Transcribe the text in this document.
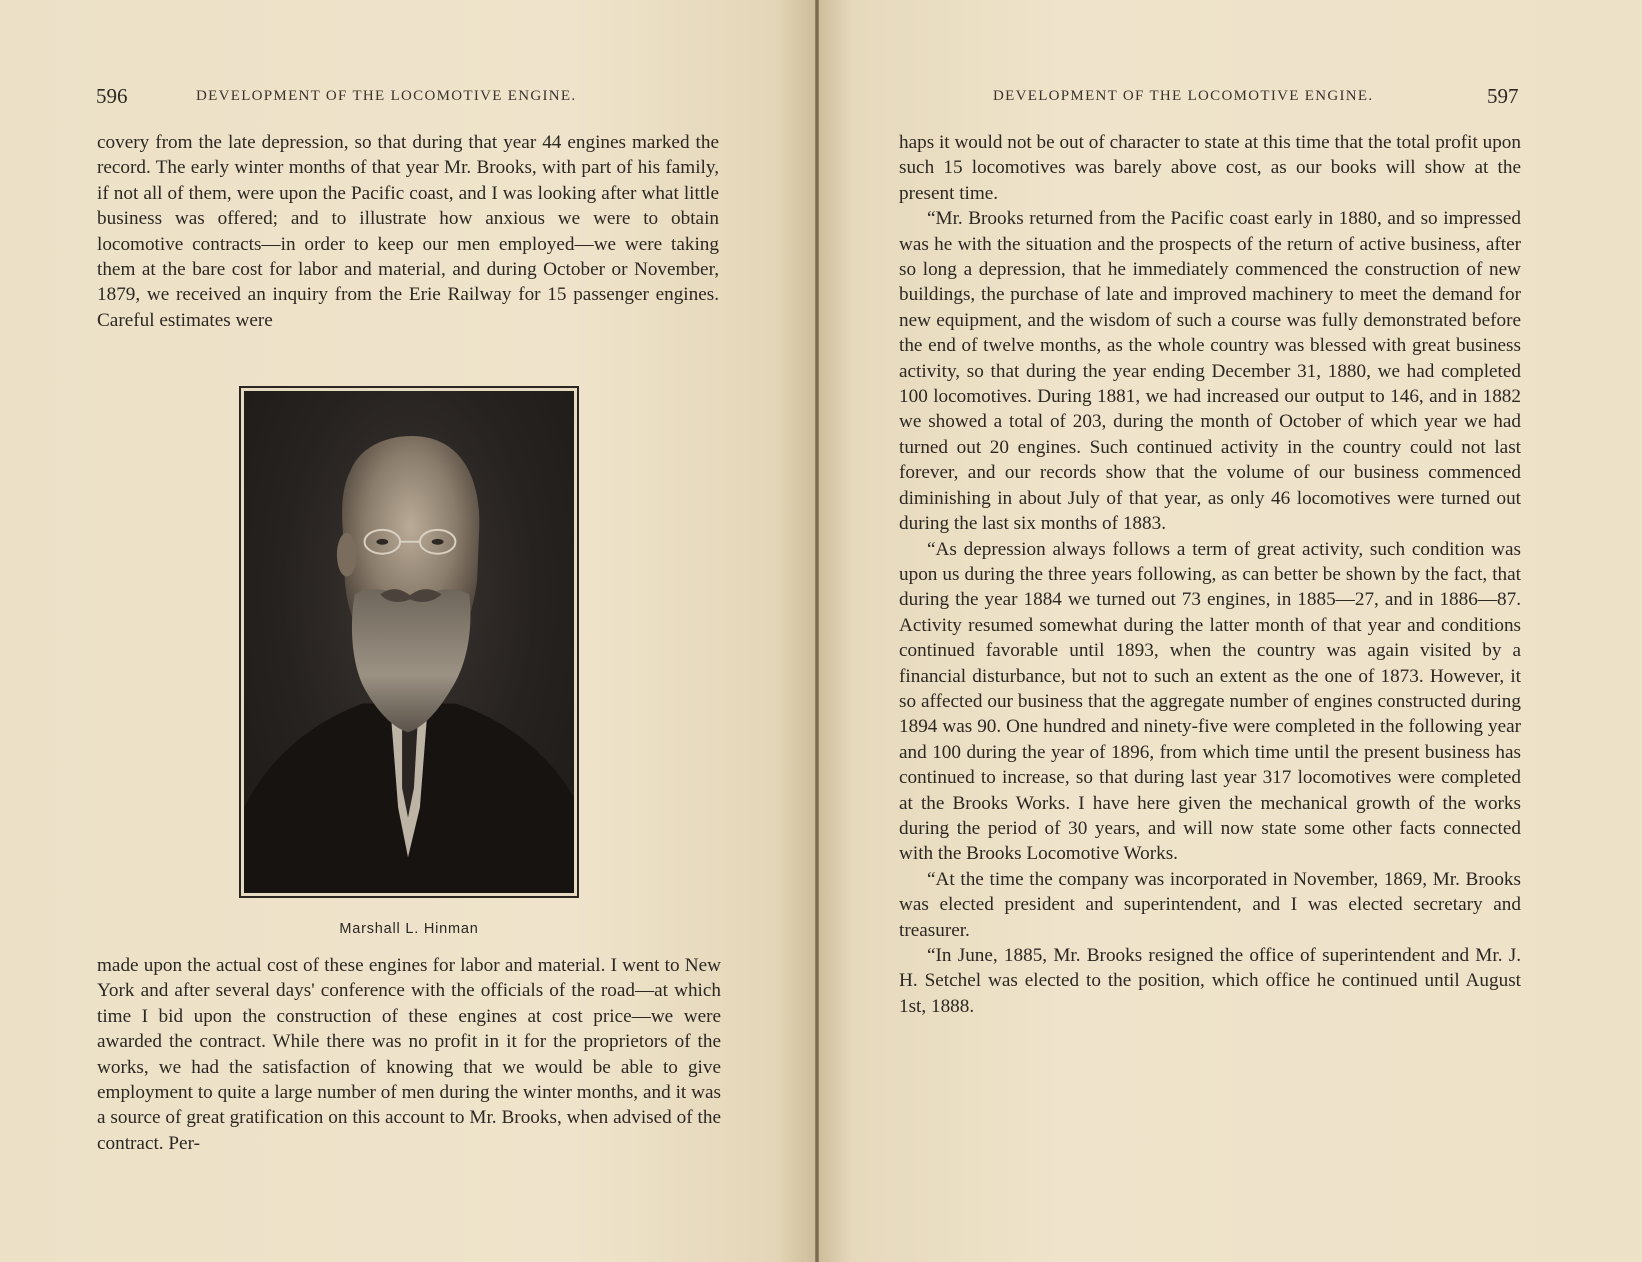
596	DEVELOPMENT OF THE LOCOMOTIVE ENGINE.

covery from the late depression, so that during that year 44 engines marked the record. The early winter months of that year Mr. Brooks, with part of his family, if not all of them, were upon the Pacific coast, and I was looking after what little business was offered; and to illustrate how anxious we were to obtain locomotive contracts—in order to keep our men employed—we were taking them at the bare cost for labor and material, and during October or November, 1879, we received an inquiry from the Erie Railway for 15 passenger engines. Careful estimates were

Marshall L. Hinman

made upon the actual cost of these engines for labor and material. I went to New York and after several days' conference with the officials of the road—at which time I bid upon the construction of these engines at cost price—we were awarded the contract. While there was no profit in it for the proprietors of the works, we had the satisfaction of knowing that we would be able to give employment to quite a large number of men during the winter months, and it was a source of great gratification on this account to Mr. Brooks, when advised of the contract. Per-

DEVELOPMENT OF THE LOCOMOTIVE ENGINE.	597

haps it would not be out of character to state at this time that the total profit upon such 15 locomotives was barely above cost, as our books will show at the present time.

“Mr. Brooks returned from the Pacific coast early in 1880, and so impressed was he with the situation and the prospects of the return of active business, after so long a depression, that he immediately commenced the construction of new buildings, the purchase of late and improved machinery to meet the demand for new equipment, and the wisdom of such a course was fully demonstrated before the end of twelve months, as the whole country was blessed with great business activity, so that during the year ending December 31, 1880, we had completed 100 locomotives. During 1881, we had increased our output to 146, and in 1882 we showed a total of 203, during the month of October of which year we had turned out 20 engines. Such continued activity in the country could not last forever, and our records show that the volume of our business commenced diminishing in about July of that year, as only 46 locomotives were turned out during the last six months of 1883.

“As depression always follows a term of great activity, such condition was upon us during the three years following, as can better be shown by the fact, that during the year 1884 we turned out 73 engines, in 1885—27, and in 1886—87. Activity resumed somewhat during the latter month of that year and conditions continued favorable until 1893, when the country was again visited by a financial disturbance, but not to such an extent as the one of 1873. However, it so affected our business that the aggregate number of engines constructed during 1894 was 90. One hundred and ninety-five were completed in the following year and 100 during the year of 1896, from which time until the present business has continued to increase, so that during last year 317 locomotives were completed at the Brooks Works. I have here given the mechanical growth of the works during the period of 30 years, and will now state some other facts connected with the Brooks Locomotive Works.

“At the time the company was incorporated in November, 1869, Mr. Brooks was elected president and superintendent, and I was elected secretary and treasurer.

“In June, 1885, Mr. Brooks resigned the office of superintendent and Mr. J. H. Setchel was elected to the position, which office he continued until August 1st, 1888.
